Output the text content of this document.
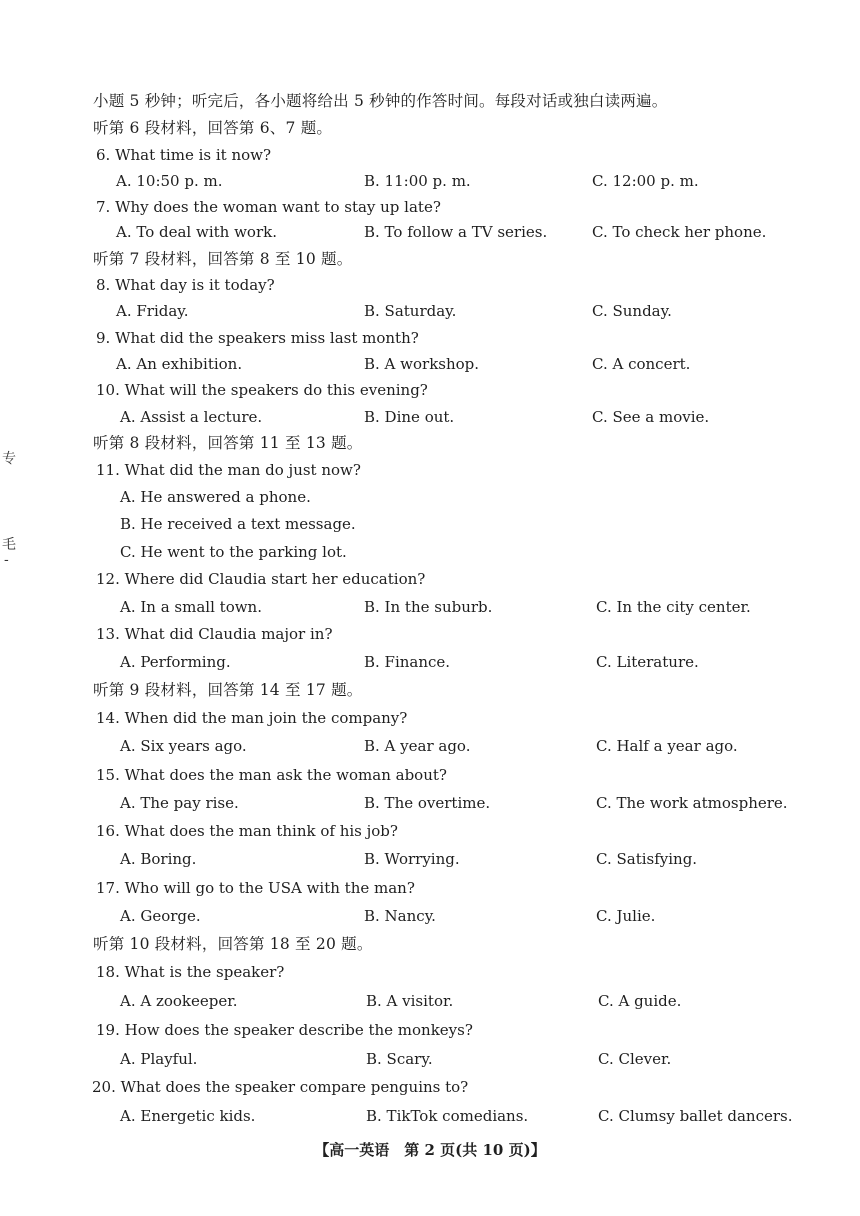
专
毛
-
小题 5 秒钟；听完后，各小题将给出 5 秒钟的作答时间。每段对话或独白读两遍。
听第 6 段材料，回答第 6、7 题。
6. What time is it now?
A. 10:50 p. m.	B. 11:00 p. m.	C. 12:00 p. m.
7. Why does the woman want to stay up late?
A. To deal with work.	B. To follow a TV series.	C. To check her phone.
听第 7 段材料，回答第 8 至 10 题。
8. What day is it today?
A. Friday.	B. Saturday.	C. Sunday.
9. What did the speakers miss last month?
A. An exhibition.	B. A workshop.	C. A concert.
10. What will the speakers do this evening?
A. Assist a lecture.	B. Dine out.	C. See a movie.
听第 8 段材料，回答第 11 至 13 题。
11. What did the man do just now?
A. He answered a phone.
B. He received a text message.
C. He went to the parking lot.
12. Where did Claudia start her education?
A. In a small town.	B. In the suburb.	C. In the city center.
13. What did Claudia major in?
A. Performing.	B. Finance.	C. Literature.
听第 9 段材料，回答第 14 至 17 题。
14. When did the man join the company?
A. Six years ago.	B. A year ago.	C. Half a year ago.
15. What does the man ask the woman about?
A. The pay rise.	B. The overtime.	C. The work atmosphere.
16. What does the man think of his job?
A. Boring.	B. Worrying.	C. Satisfying.
17. Who will go to the USA with the man?
A. George.	B. Nancy.	C. Julie.
听第 10 段材料，回答第 18 至 20 题。
18. What is the speaker?
A. A zookeeper.	B. A visitor.	C. A guide.
19. How does the speaker describe the monkeys?
A. Playful.	B. Scary.	C. Clever.
20. What does the speaker compare penguins to?
A. Energetic kids.	B. TikTok comedians.	C. Clumsy ballet dancers.
【高一英语　第 2 页(共 10 页)】
